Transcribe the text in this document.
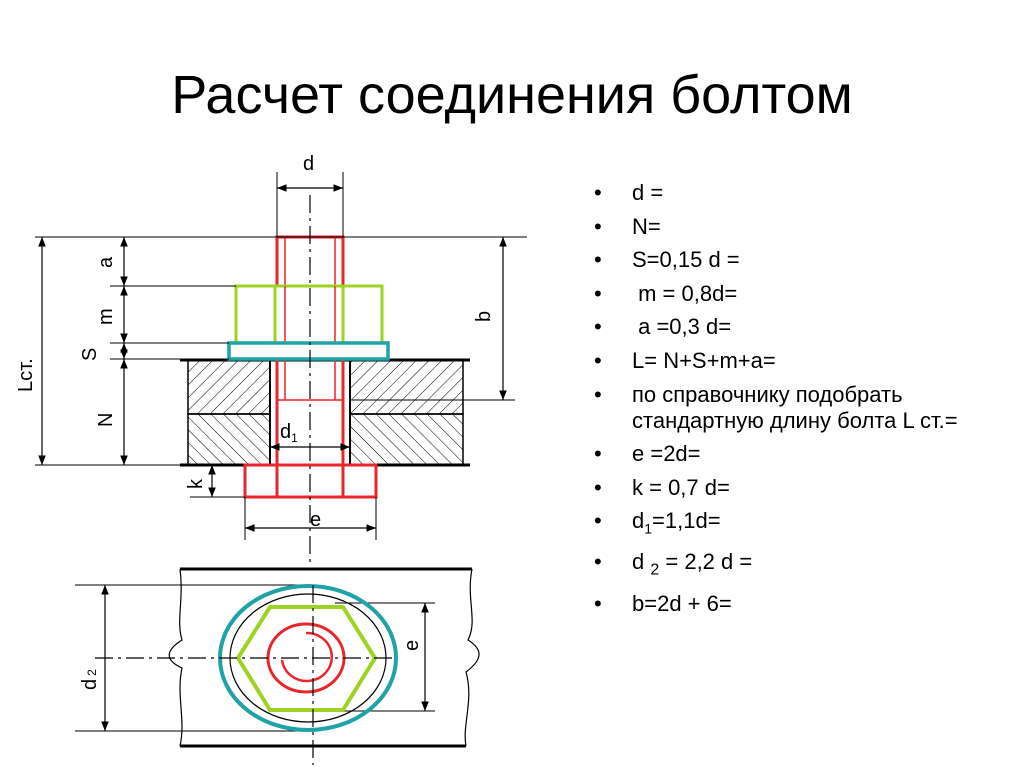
Расчет соединения болтом
d
a
m
S
N
Lст.
b
$d_1$
k
e
d2
e
•	d =
•	N=
•	S=0,15 d =
•	m = 0,8d=
•	a =0,3 d=
•	L= N+S+m+a=
•	по справочнику подобрать стандартную длину болта L ст.=
•	e =2d=
•	k = 0,7 d=
•	$d_1=1,1d=$
•	d $_2$ = 2,2 d =
•	b=2d + 6=
